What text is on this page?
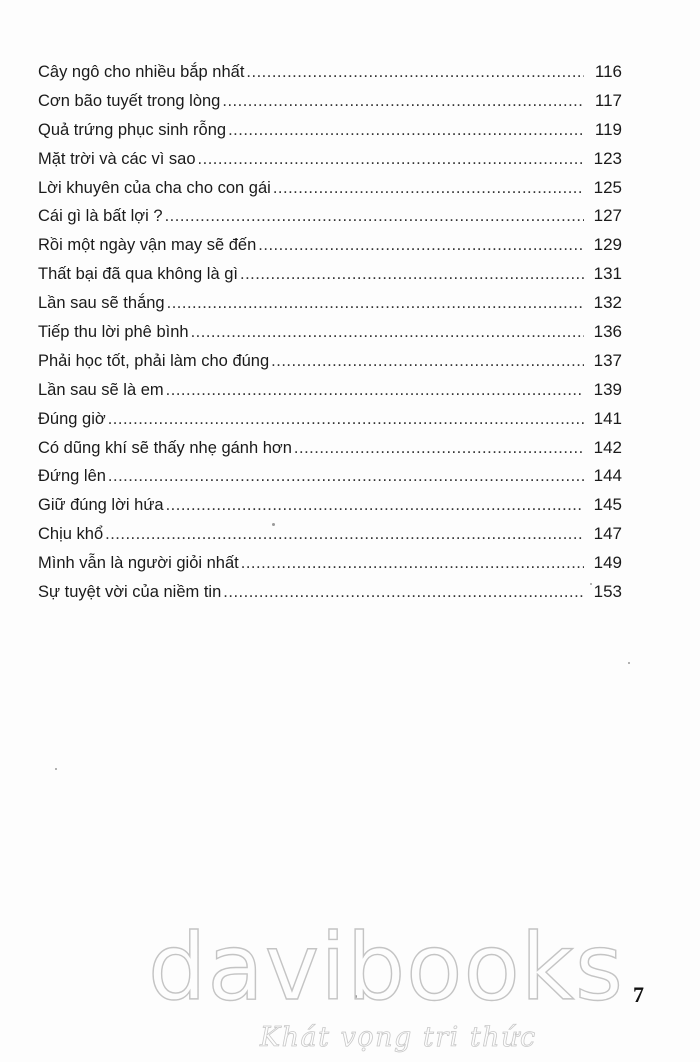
Cây ngô cho nhiều bắp nhất .....	116
Cơn bão tuyết trong lòng .....	117
Quả trứng phục sinh rỗng .....	119
Mặt trời và các vì sao .....	123
Lời khuyên của cha cho con gái .....	125
Cái gì là bất lợi ? .....	127
Rồi một ngày vận may sẽ đến .....	129
Thất bại đã qua không là gì .....	131
Lần sau sẽ thắng .....	132
Tiếp thu lời phê bình .....	136
Phải học tốt, phải làm cho đúng .....	137
Lần sau sẽ là em .....	139
Đúng giờ .....	141
Có dũng khí sẽ thấy nhẹ gánh hơn .....	142
Đứng lên .....	144
Giữ đúng lời hứa .....	145
Chịu khổ .....	147
Mình vẫn là người giỏi nhất .....	149
Sự tuyệt vời của niềm tin .....	153
davibooks
Khát vọng tri thức
7
